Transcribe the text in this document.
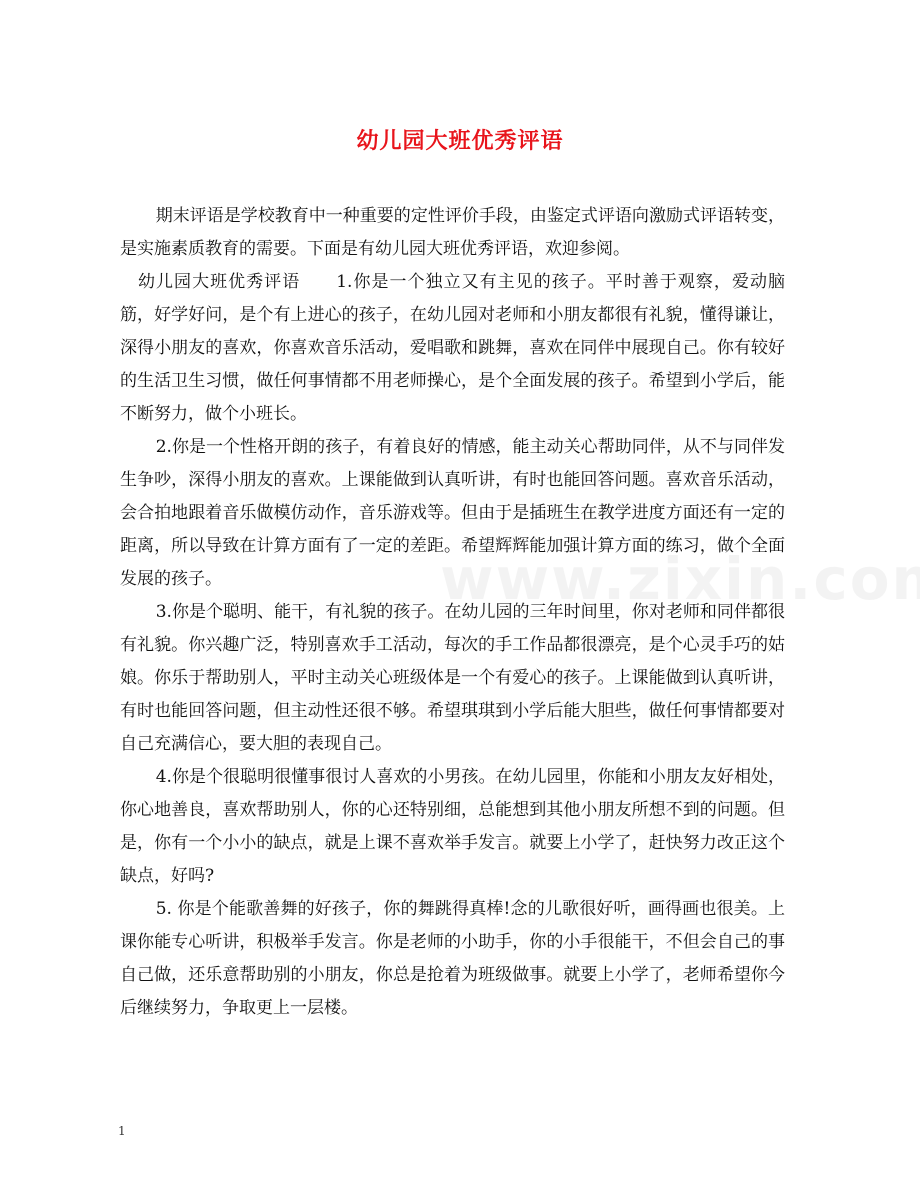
幼儿园大班优秀评语

期末评语是学校教育中一种重要的定性评价手段，由鉴定式评语向激励式评语转变，是实施素质教育的需要。下面是有幼儿园大班优秀评语，欢迎参阅。

幼儿园大班优秀评语 1.你是一个独立又有主见的孩子。平时善于观察，爱动脑筋，好学好问，是个有上进心的孩子，在幼儿园对老师和小朋友都很有礼貌，懂得谦让，深得小朋友的喜欢，你喜欢音乐活动，爱唱歌和跳舞，喜欢在同伴中展现自己。你有较好的生活卫生习惯，做任何事情都不用老师操心，是个全面发展的孩子。希望到小学后，能不断努力，做个小班长。

2.你是一个性格开朗的孩子，有着良好的情感，能主动关心帮助同伴，从不与同伴发生争吵，深得小朋友的喜欢。上课能做到认真听讲，有时也能回答问题。喜欢音乐活动，会合拍地跟着音乐做模仿动作，音乐游戏等。但由于是插班生在教学进度方面还有一定的距离，所以导致在计算方面有了一定的差距。希望辉辉能加强计算方面的练习，做个全面发展的孩子。

3.你是个聪明、能干，有礼貌的孩子。在幼儿园的三年时间里，你对老师和同伴都很有礼貌。你兴趣广泛，特别喜欢手工活动，每次的手工作品都很漂亮，是个心灵手巧的姑娘。你乐于帮助别人，平时主动关心班级体是一个有爱心的孩子。上课能做到认真听讲，有时也能回答问题，但主动性还很不够。希望琪琪到小学后能大胆些，做任何事情都要对自己充满信心，要大胆的表现自己。

4.你是个很聪明很懂事很讨人喜欢的小男孩。在幼儿园里，你能和小朋友友好相处，你心地善良，喜欢帮助别人，你的心还特别细，总能想到其他小朋友所想不到的问题。但是，你有一个小小的缺点，就是上课不喜欢举手发言。就要上小学了，赶快努力改正这个缺点，好吗?

5. 你是个能歌善舞的好孩子，你的舞跳得真棒!念的儿歌很好听，画得画也很美。上课你能专心听讲，积极举手发言。你是老师的小助手，你的小手很能干，不但会自己的事自己做，还乐意帮助别的小朋友，你总是抢着为班级做事。就要上小学了，老师希望你今后继续努力，争取更上一层楼。

1
